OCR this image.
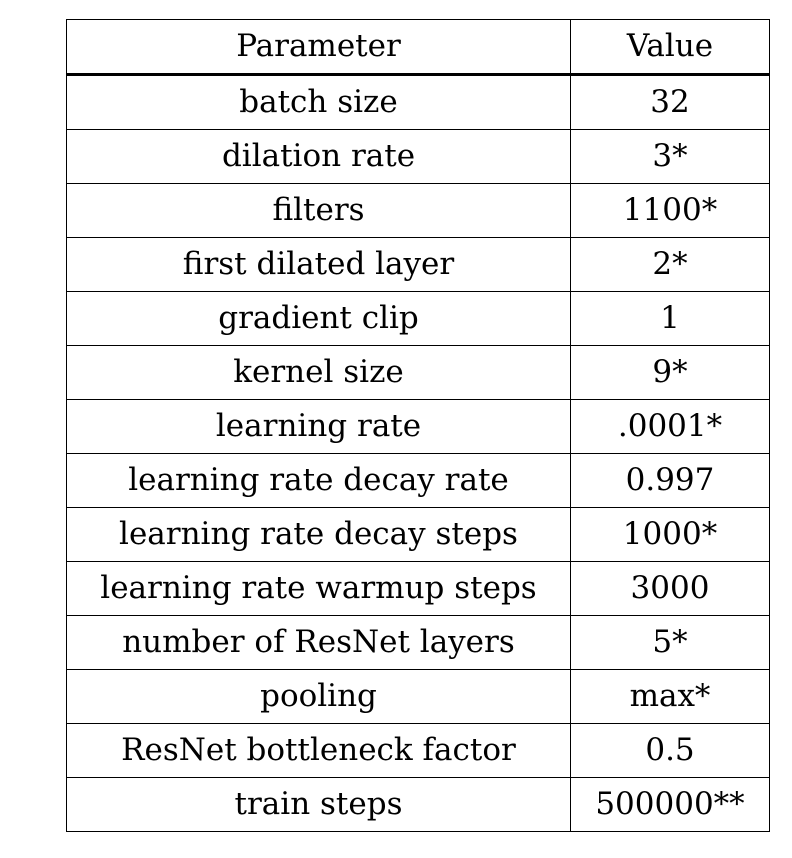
Parameter	Value
batch size	32
dilation rate	3*
filters	1100*
first dilated layer	2*
gradient clip	1
kernel size	9*
learning rate	.0001*
learning rate decay rate	0.997
learning rate decay steps	1000*
learning rate warmup steps	3000
number of ResNet layers	5*
pooling	max*
ResNet bottleneck factor	0.5
train steps	500000**
